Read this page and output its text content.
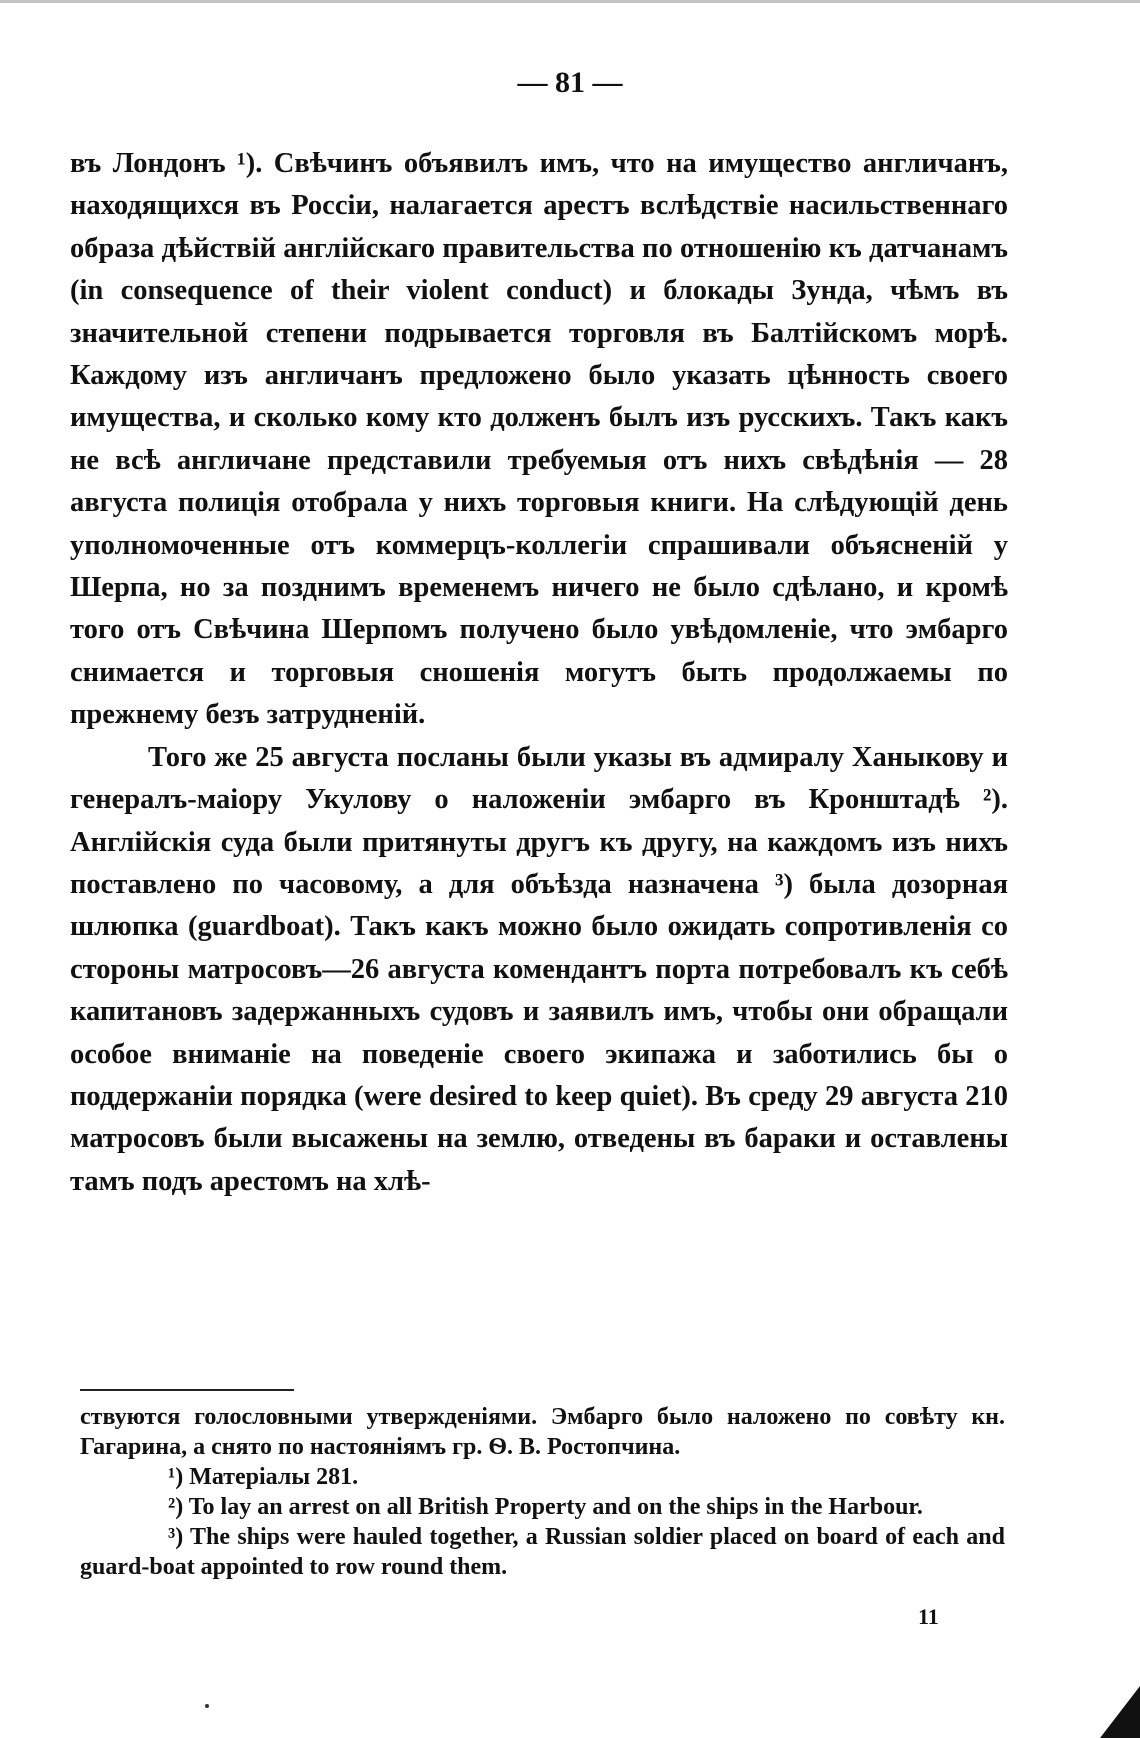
— 81 —

въ Лондонъ ¹). Свѣчинъ объявилъ имъ, что на имущество англичанъ, находящихся въ Россіи, налагается арестъ вслѣдствіе насильственнаго образа дѣйствій англійскаго правительства по отношенію къ датчанамъ (in consequence of their violent conduct) и блокады Зунда, чѣмъ въ значительной степени подрывается торговля въ Балтійскомъ морѣ. Каждому изъ англичанъ предложено было указать цѣнность своего имущества, и сколько кому кто долженъ былъ изъ русскихъ. Такъ какъ не всѣ англичане представили требуемыя отъ нихъ свѣдѣнія — 28 августа полиція отобрала у нихъ торговыя книги. На слѣдующій день уполномоченные отъ коммерцъ-коллегіи спрашивали объясненій у Шерпа, но за позднимъ временемъ ничего не было сдѣлано, и кромѣ того отъ Свѣчина Шерпомъ получено было увѣдомленіе, что эмбарго снимается и торговыя сношенія могутъ быть продолжаемы по прежнему безъ затрудненій.

Того же 25 августа посланы были указы въ адмиралу Ханыкову и генералъ-маіору Укулову о наложеніи эмбарго въ Кронштадѣ ²). Англійскія суда были притянуты другъ къ другу, на каждомъ изъ нихъ поставлено по часовому, а для объѣзда назначена ³) была дозорная шлюпка (guardboat). Такъ какъ можно было ожидать сопротивленія со стороны матросовъ—26 августа комендантъ порта потребовалъ къ себѣ капитановъ задержанныхъ судовъ и заявилъ имъ, чтобы они обращали особое вниманіе на поведеніе своего экипажа и заботились бы о поддержаніи порядка (were desired to keep quiet). Въ среду 29 августа 210 матросовъ были высажены на землю, отведены въ бараки и оставлены тамъ подъ арестомъ на хлѣ-

ствуются голословными утвержденіями. Эмбарго было наложено по совѣту кн. Гагарина, а снято по настояніямъ гр. Ѳ. В. Ростопчина.

¹) Матеріалы 281.

²) To lay an arrest on all British Property and on the ships in the Harbour.

³) The ships were hauled together, a Russian soldier placed on board of each and guard-boat appointed to row round them.

11
